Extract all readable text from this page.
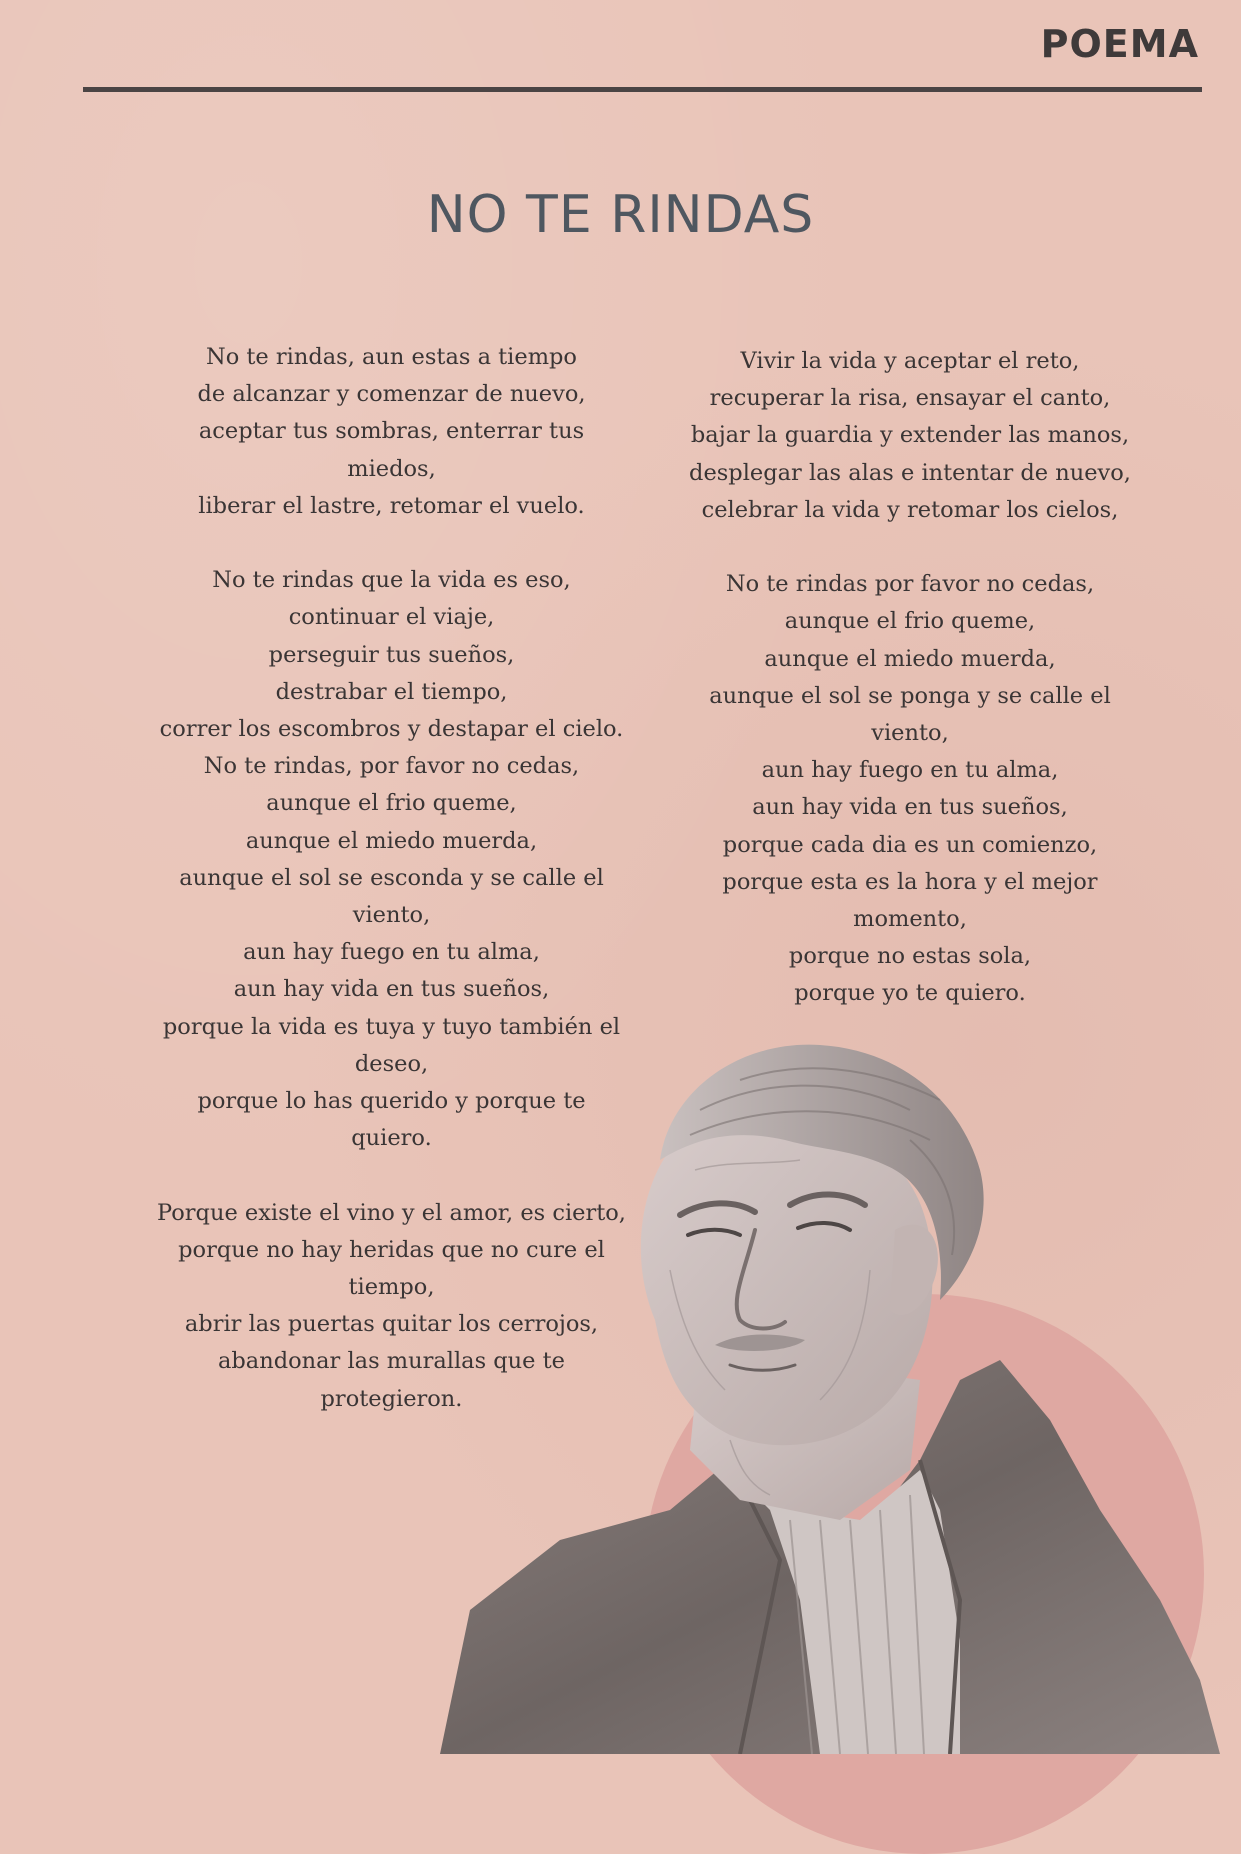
POEMA
NO TE RINDAS
No te rindas, aun estas a tiempo
de alcanzar y comenzar de nuevo,
aceptar tus sombras, enterrar tus
miedos,
liberar el lastre, retomar el vuelo.
No te rindas que la vida es eso,
continuar el viaje,
perseguir tus sueños,
destrabar el tiempo,
correr los escombros y destapar el cielo.
No te rindas, por favor no cedas,
aunque el frio queme,
aunque el miedo muerda,
aunque el sol se esconda y se calle el
viento,
aun hay fuego en tu alma,
aun hay vida en tus sueños,
porque la vida es tuya y tuyo también el
deseo,
porque lo has querido y porque te
quiero.
Porque existe el vino y el amor, es cierto,
porque no hay heridas que no cure el
tiempo,
abrir las puertas quitar los cerrojos,
abandonar las murallas que te
protegieron.
Vivir la vida y aceptar el reto,
recuperar la risa, ensayar el canto,
bajar la guardia y extender las manos,
desplegar las alas e intentar de nuevo,
celebrar la vida y retomar los cielos,
No te rindas por favor no cedas,
aunque el frio queme,
aunque el miedo muerda,
aunque el sol se ponga y se calle el
viento,
aun hay fuego en tu alma,
aun hay vida en tus sueños,
porque cada dia es un comienzo,
porque esta es la hora y el mejor
momento,
porque no estas sola,
porque yo te quiero.
